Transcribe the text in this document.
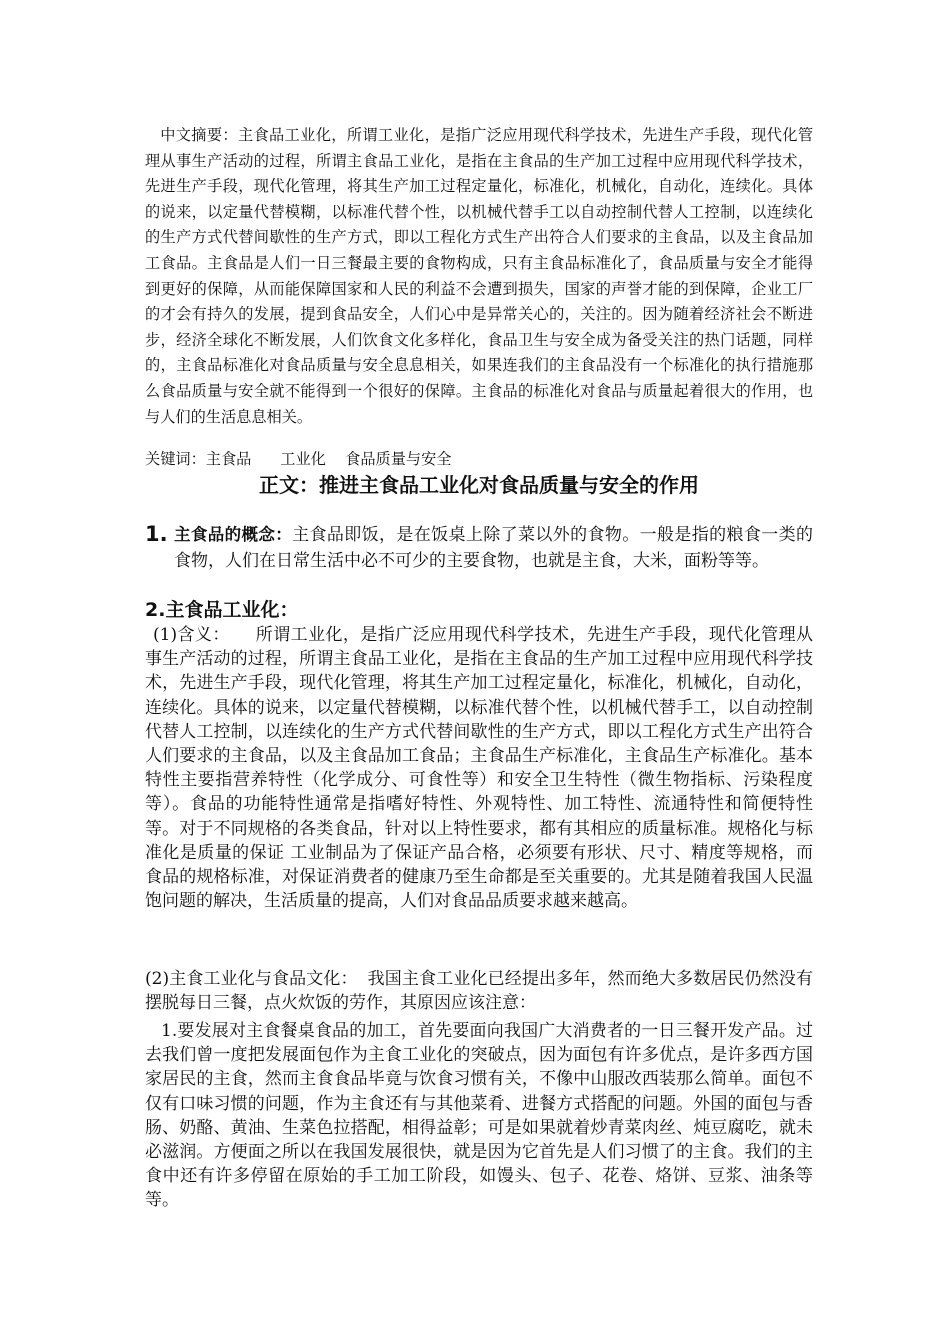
中文摘要：主食品工业化，所谓工业化，是指广泛应用现代科学技术，先进生产手段，现代化管理从事生产活动的过程，所谓主食品工业化，是指在主食品的生产加工过程中应用现代科学技术，先进生产手段，现代化管理，将其生产加工过程定量化，标准化，机械化，自动化，连续化。具体的说来，以定量代替模糊，以标准代替个性，以机械代替手工以自动控制代替人工控制，以连续化的生产方式代替间歇性的生产方式，即以工程化方式生产出符合人们要求的主食品，以及主食品加工食品。主食品是人们一日三餐最主要的食物构成，只有主食品标准化了，食品质量与安全才能得到更好的保障，从而能保障国家和人民的利益不会遭到损失，国家的声誉才能的到保障，企业工厂的才会有持久的发展，提到食品安全，人们心中是异常关心的，关注的。因为随着经济社会不断进步，经济全球化不断发展，人们饮食文化多样化，食品卫生与安全成为备受关注的热门话题，同样的，主食品标准化对食品质量与安全息息相关，如果连我们的主食品没有一个标准化的执行措施那么食品质量与安全就不能得到一个很好的保障。主食品的标准化对食品与质量起着很大的作用，也与人们的生活息息相关。

关键词：主食品 工业化 食品质量与安全

正文：推进主食品工业化对食品质量与安全的作用
1. 主食品的概念：主食品即饭，是在饭桌上除了菜以外的食物。一般是指的粮食一类的食物，人们在日常生活中必不可少的主要食物，也就是主食，大米，面粉等等。

2.主食品工业化：

(1)含义： 所谓工业化，是指广泛应用现代科学技术，先进生产手段，现代化管理从事生产活动的过程，所谓主食品工业化，是指在主食品的生产加工过程中应用现代科学技术，先进生产手段，现代化管理，将其生产加工过程定量化，标准化，机械化，自动化，连续化。具体的说来，以定量代替模糊，以标准代替个性，以机械代替手工，以自动控制代替人工控制，以连续化的生产方式代替间歇性的生产方式，即以工程化方式生产出符合人们要求的主食品，以及主食品加工食品；主食品生产标准化，主食品生产标准化。基本特性主要指营养特性（化学成分、可食性等）和安全卫生特性（微生物指标、污染程度等）。食品的功能特性通常是指嗜好特性、外观特性、加工特性、流通特性和简便特性等。对于不同规格的各类食品，针对以上特性要求，都有其相应的质量标准。规格化与标准化是质量的保证 工业制品为了保证产品合格，必须要有形状、尺寸、精度等规格，而食品的规格标准，对保证消费者的健康乃至生命都是至关重要的。尤其是随着我国人民温饱问题的解决，生活质量的提高，人们对食品品质要求越来越高。

(2)主食工业化与食品文化： 我国主食工业化已经提出多年，然而绝大多数居民仍然没有摆脱每日三餐，点火炊饭的劳作，其原因应该注意：

1.要发展对主食餐桌食品的加工，首先要面向我国广大消费者的一日三餐开发产品。过去我们曾一度把发展面包作为主食工业化的突破点，因为面包有许多优点，是许多西方国家居民的主食，然而主食食品毕竟与饮食习惯有关，不像中山服改西装那么简单。面包不仅有口味习惯的问题，作为主食还有与其他菜肴、进餐方式搭配的问题。外国的面包与香肠、奶酪、黄油、生菜色拉搭配，相得益彰；可是如果就着炒青菜肉丝、炖豆腐吃，就未必滋润。方便面之所以在我国发展很快，就是因为它首先是人们习惯了的主食。我们的主食中还有许多停留在原始的手工加工阶段，如馒头、包子、花卷、烙饼、豆浆、油条等等。
